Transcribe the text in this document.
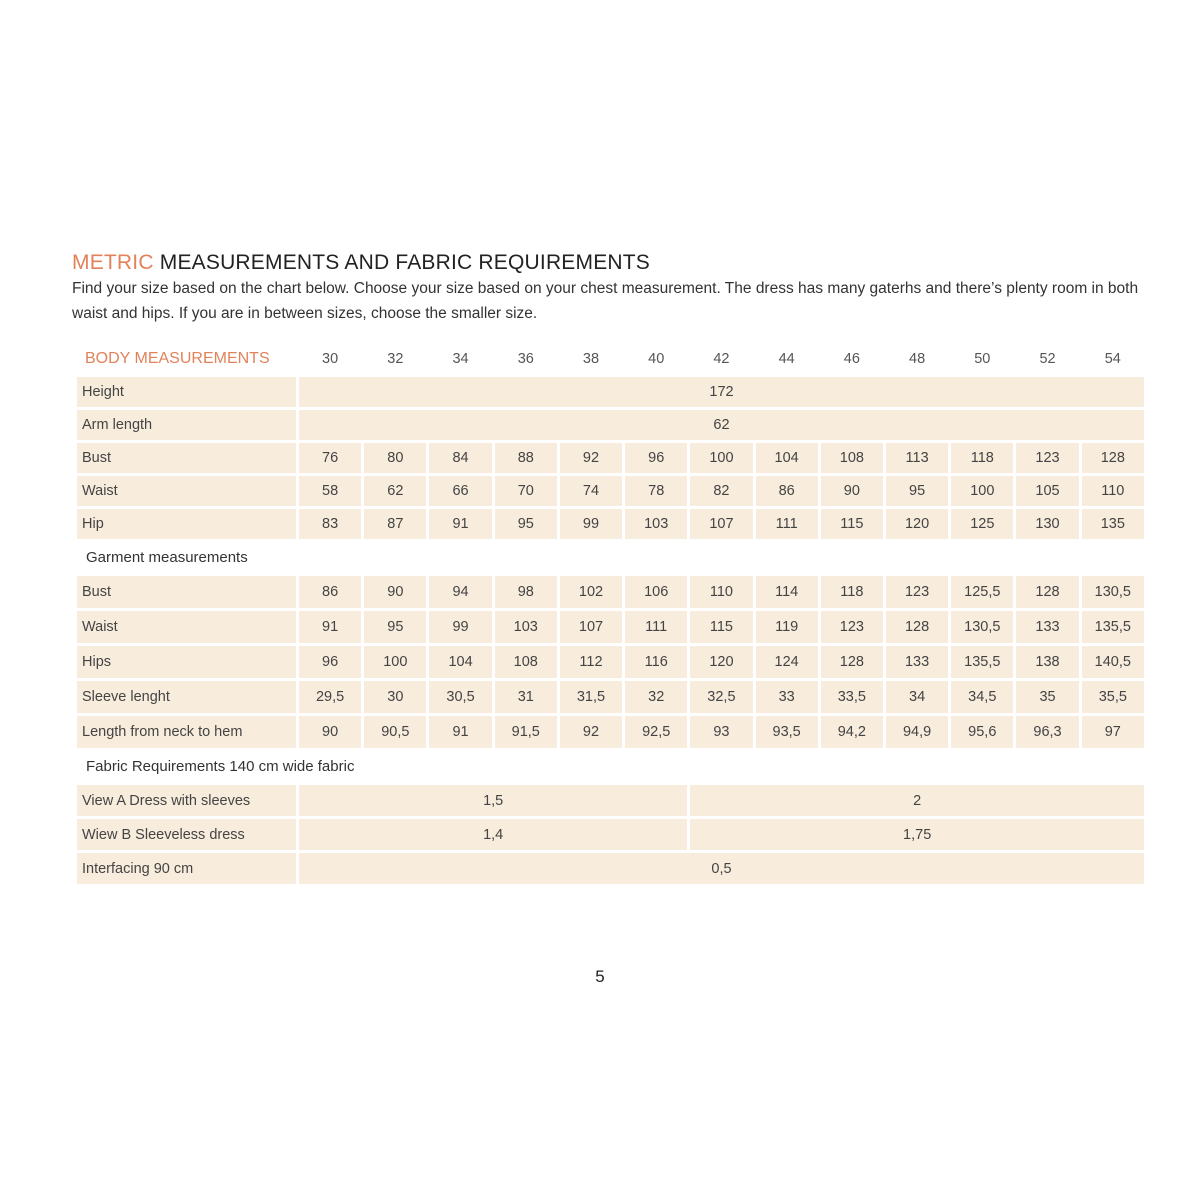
METRIC MEASUREMENTS AND FABRIC REQUIREMENTS

Find your size based on the chart below. Choose your size based on your chest measurement. The dress has many gaterhs and there’s plenty room in both waist and hips. If you are in between sizes, choose the smaller size.

BODY MEASUREMENTS	30	32	34	36	38	40	42	44	46	48	50	52	54
Height	172												
Arm length	62												
Bust	76	80	84	88	92	96	100	104	108	113	118	123	128
Waist	58	62	66	70	74	78	82	86	90	95	100	105	110
Hip	83	87	91	95	99	103	107	111	115	120	125	130	135
Garment measurements													
Bust	86	90	94	98	102	106	110	114	118	123	125,5	128	130,5
Waist	91	95	99	103	107	111	115	119	123	128	130,5	133	135,5
Hips	96	100	104	108	112	116	120	124	128	133	135,5	138	140,5
Sleeve lenght	29,5	30	30,5	31	31,5	32	32,5	33	33,5	34	34,5	35	35,5
Length from neck to hem	90	90,5	91	91,5	92	92,5	93	93,5	94,2	94,9	95,6	96,3	97
Fabric Requirements 140 cm wide fabric													
View A Dress with sleeves	1,5						2						
Wiew B Sleeveless dress	1,4						1,75						
Interfacing 90 cm	0,5												

5
